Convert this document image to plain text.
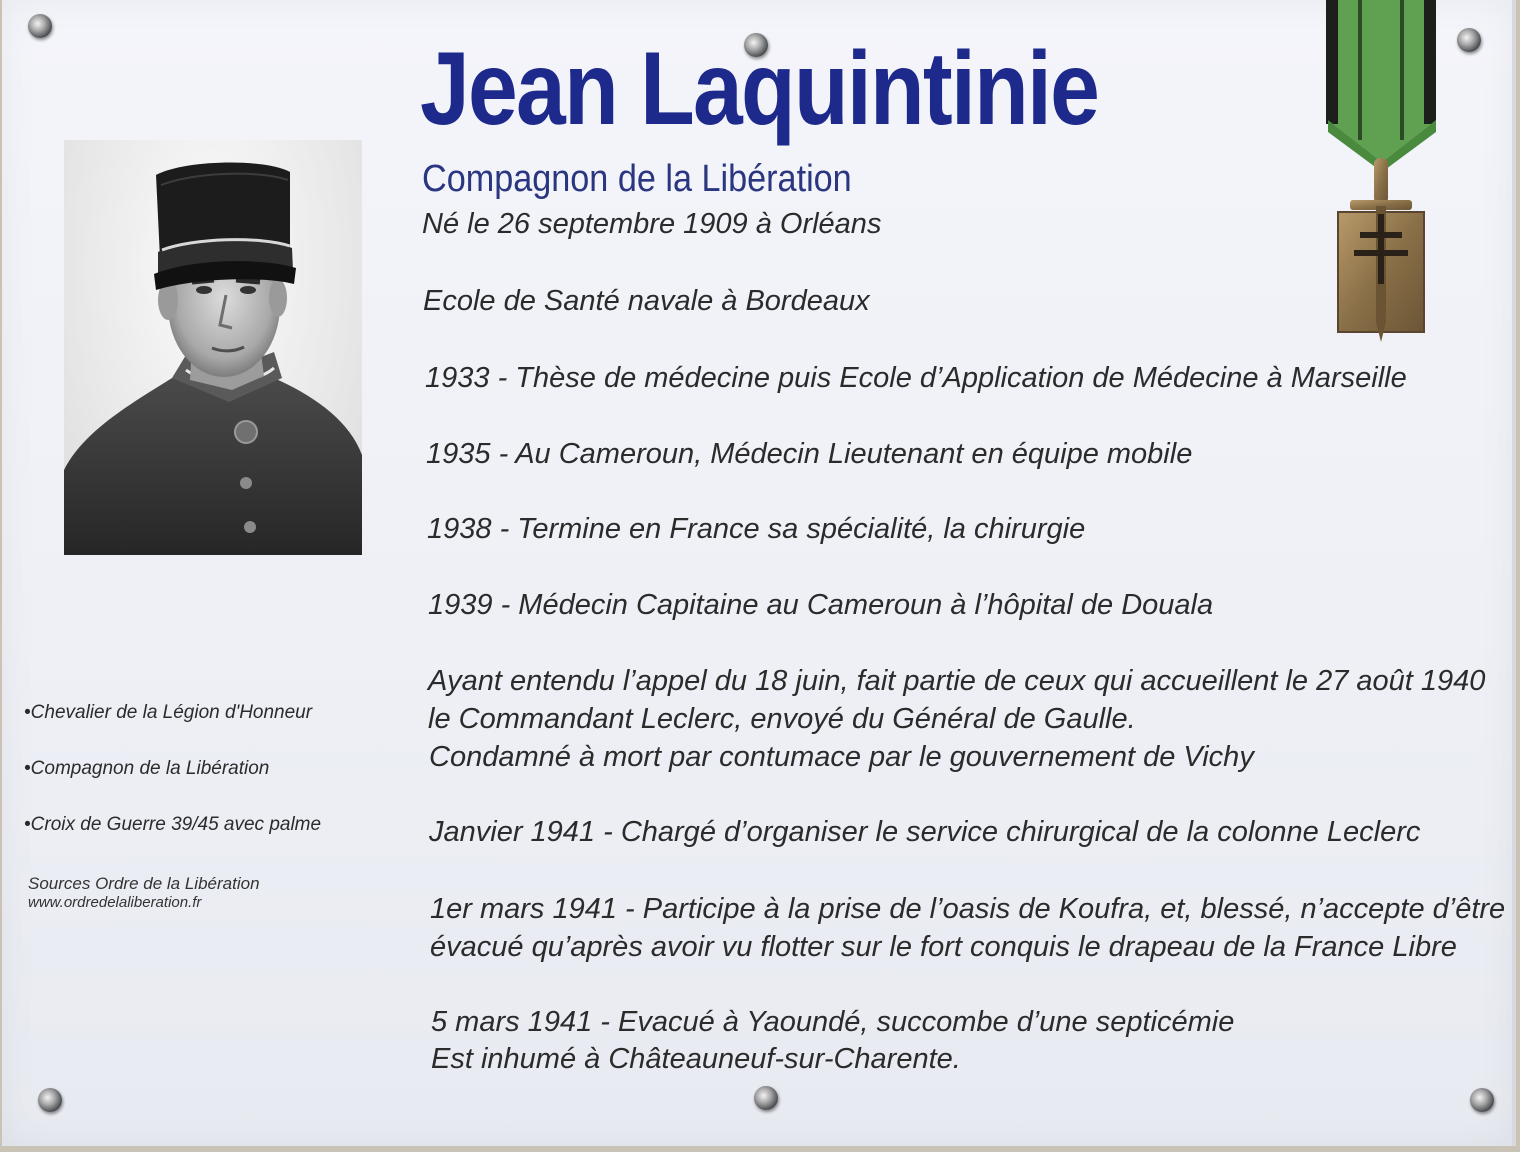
Jean Laquintinie
Compagnon de la Libération
Né le 26 septembre 1909 à Orléans
Ecole de Santé navale à Bordeaux
1933 - Thèse de médecine puis Ecole d’Application de Médecine à Marseille
1935 - Au Cameroun, Médecin Lieutenant en équipe mobile
1938 - Termine en France sa spécialité, la chirurgie
1939 - Médecin Capitaine au Cameroun à l’hôpital de Douala
Ayant entendu l’appel du 18 juin, fait partie de ceux qui accueillent le 27 août 1940
le Commandant Leclerc, envoyé du Général de Gaulle.
Condamné à mort par contumace par le gouvernement de Vichy
Janvier 1941 - Chargé d’organiser le service chirurgical de la colonne Leclerc
1er mars 1941 - Participe à la prise de l’oasis de Koufra, et, blessé, n’accepte d’être
évacué qu’après avoir vu flotter sur le fort conquis le drapeau de la France Libre
5 mars 1941 - Evacué à Yaoundé, succombe d’une septicémie
Est inhumé à Châteauneuf-sur-Charente.
•Chevalier de la Légion d'Honneur
•Compagnon de la Libération
•Croix de Guerre 39/45 avec palme
Sources Ordre de la Libération
www.ordredelaliberation.fr
